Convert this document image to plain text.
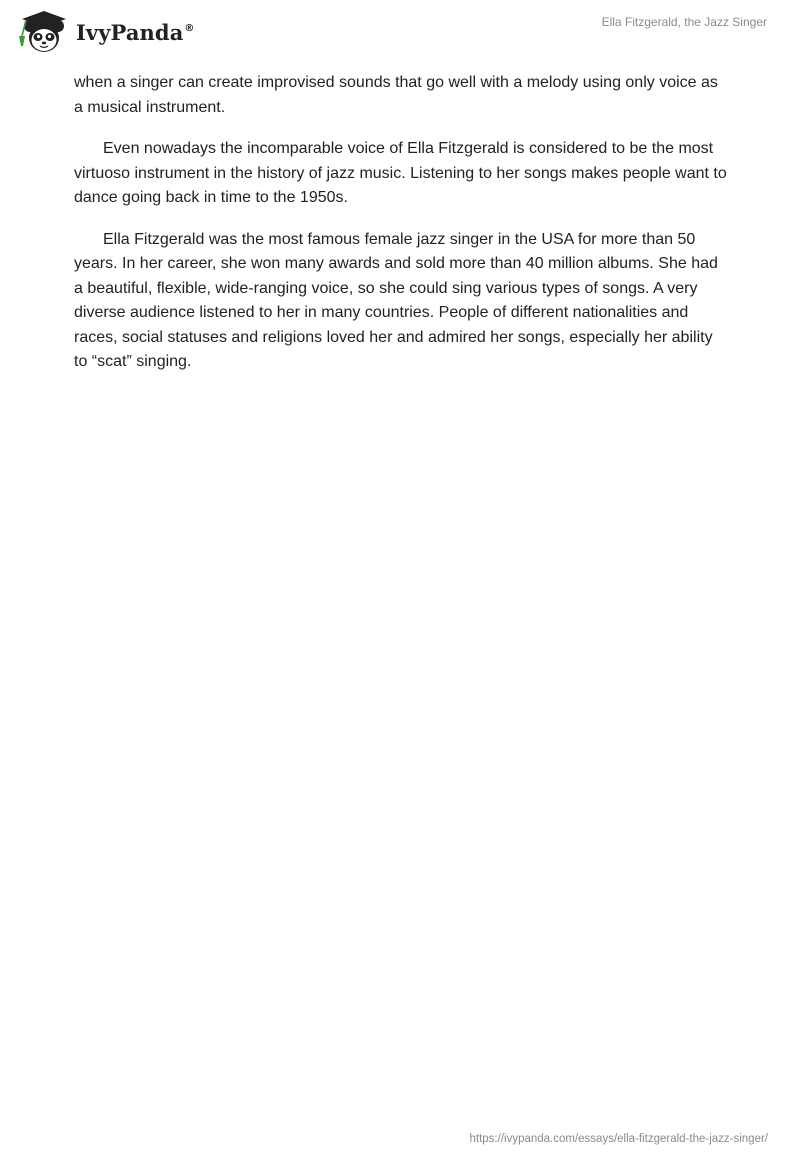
IvyPanda®	Ella Fitzgerald, the Jazz Singer

when a singer can create improvised sounds that go well with a melody using only voice as a musical instrument.

Even nowadays the incomparable voice of Ella Fitzgerald is considered to be the most virtuoso instrument in the history of jazz music. Listening to her songs makes people want to dance going back in time to the 1950s.

Ella Fitzgerald was the most famous female jazz singer in the USA for more than 50 years. In her career, she won many awards and sold more than 40 million albums. She had a beautiful, flexible, wide-ranging voice, so she could sing various types of songs. A very diverse audience listened to her in many countries. People of different nationalities and races, social statuses and religions loved her and admired her songs, especially her ability to “scat” singing.

https://ivypanda.com/essays/ella-fitzgerald-the-jazz-singer/
